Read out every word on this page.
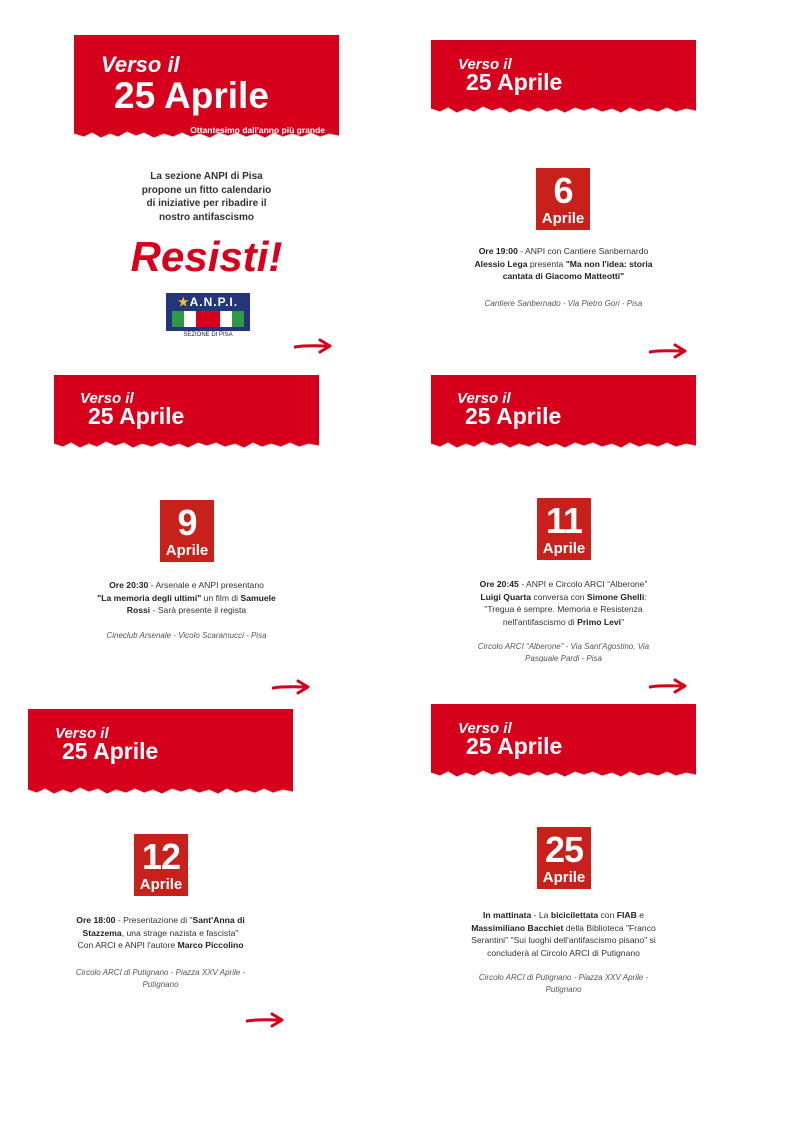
Verso il
25 Aprile
Ottantesimo dall'anno più grande
La sezione ANPI di Pisa
propone un fitto calendario
di iniziative per ribadire il
nostro antifascismo
Resisti!
★A.N.P.I.
SEZIONE DI PISA
Verso il
25 Aprile
6
Aprile
Ore 19:00 - ANPI con Cantiere Sanbernardo
Alessio Lega presenta "Ma non l'idea: storia
cantata di Giacomo Matteotti"
Cantiere Sanbernado - Via Pietro Gori - Pisa
Verso il
25 Aprile
9
Aprile
Ore 20:30 - Arsenale e ANPI presentano
"La memoria degli ultimi" un film di Samuele
Rossi - Sarà presente il regista
Cineclub Arsenale - Vicolo Scaramucci - Pisa
Verso il
25 Aprile
11
Aprile
Ore 20:45 - ANPI e Circolo ARCI “Alberone”
Luigi Quarta conversa con Simone Ghelli:
"Tregua è sempre. Memoria e Resistenza
nell'antifascismo di Primo Levi"
Circolo ARCI “Alberone” - Via Sant'Agostino, Via
Pasquale Pardi - Pisa
Verso il
25 Aprile
12
Aprile
Ore 18:00 - Presentazione di "Sant'Anna di
Stazzema, una strage nazista e fascista"
Con ARCI e ANPI l'autore Marco Piccolino
Circolo ARCI di Putignano - Piazza XXV Aprile -
Putignano
Verso il
25 Aprile
25
Aprile
In mattinata - La bicicilettata con FIAB e
Massimiliano Bacchiet della Biblioteca "Franco
Serantini" "Sui luoghi dell'antifascismo pisano" si
concluderà al Circolo ARCI di Putignano
Circolo ARCI di Putignano - Piazza XXV Aprile -
Putignano
